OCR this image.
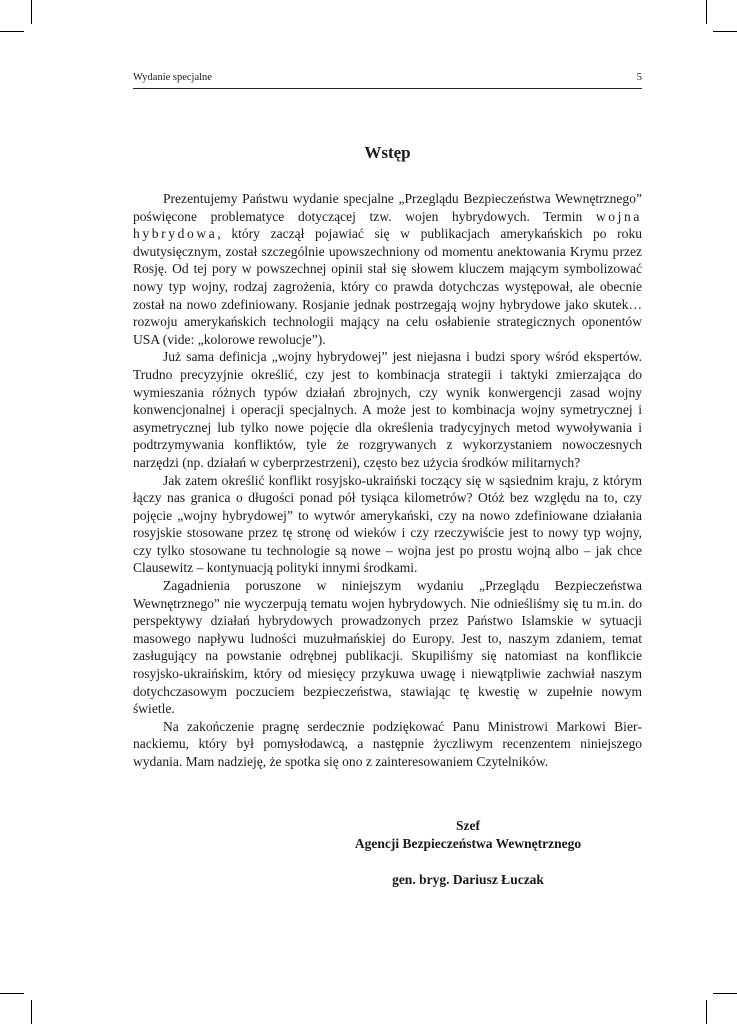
Wydanie specjalne	5
Wstęp

Prezentujemy Państwu wydanie specjalne „Przeglądu Bezpieczeństwa Wewnętrznego” poświęcone problematyce dotyczącej tzw. wojen hybrydowych. Termin wojna hybrydowa, który zaczął pojawiać się w publikacjach amerykańskich po roku dwutysięcznym, został szczególnie upowszechniony od momentu anektowania Krymu przez Rosję. Od tej pory w powszechnej opinii stał się słowem kluczem mającym symbolizować nowy typ wojny, rodzaj zagrożenia, który co prawda dotychczas występował, ale obecnie został na nowo zdefiniowany. Rosjanie jednak postrzegają wojny hybrydowe jako skutek… rozwoju amerykańskich technologii mający na celu osłabienie strategicznych oponentów USA (vide: „kolorowe rewolucje”).

Już sama definicja „wojny hybrydowej” jest niejasna i budzi spory wśród ekspertów. Trudno precyzyjnie określić, czy jest to kombinacja strategii i taktyki zmierzająca do wymieszania różnych typów działań zbrojnych, czy wynik konwergencji zasad wojny konwencjonalnej i operacji specjalnych. A może jest to kombinacja wojny symetrycznej i asymetrycznej lub tylko nowe pojęcie dla określenia tradycyjnych metod wywoływania i podtrzymywania konfliktów, tyle że rozgrywanych z wykorzystaniem nowoczesnych narzędzi (np. działań w cyberprzestrzeni), często bez użycia środków militarnych?

Jak zatem określić konflikt rosyjsko-ukraiński toczący się w sąsiednim kraju, z którym łączy nas granica o długości ponad pół tysiąca kilometrów? Otóż bez względu na to, czy pojęcie „wojny hybrydowej” to wytwór amerykański, czy na nowo zdefiniowane działania rosyjskie stosowane przez tę stronę od wieków i czy rzeczywiście jest to nowy typ wojny, czy tylko stosowane tu technologie są nowe – wojna jest po prostu wojną albo – jak chce Clausewitz – kontynuacją polityki innymi środkami.

Zagadnienia poruszone w niniejszym wydaniu „Przeglądu Bezpieczeństwa Wewnętrznego” nie wyczerpują tematu wojen hybrydowych. Nie odnieśliśmy się tu m.in. do perspektywy działań hybrydowych prowadzonych przez Państwo Islamskie w sytuacji masowego napływu ludności muzułmańskiej do Europy. Jest to, naszym zdaniem, temat zasługujący na powstanie odrębnej publikacji. Skupiliśmy się natomiast na konflikcie rosyjsko-ukraińskim, który od miesięcy przykuwa uwagę i niewątpliwie zachwiał naszym dotychczasowym poczuciem bezpieczeństwa, stawiając tę kwestię w zupełnie nowym świetle.

Na zakończenie pragnę serdecznie podziękować Panu Ministrowi Markowi Biernackiemu, który był pomysłodawcą, a następnie życzliwym recenzentem niniejszego wydania. Mam nadzieję, że spotka się ono z zainteresowaniem Czytelników.

Szef
Agencji Bezpieczeństwa Wewnętrznego
gen. bryg. Dariusz Łuczak
